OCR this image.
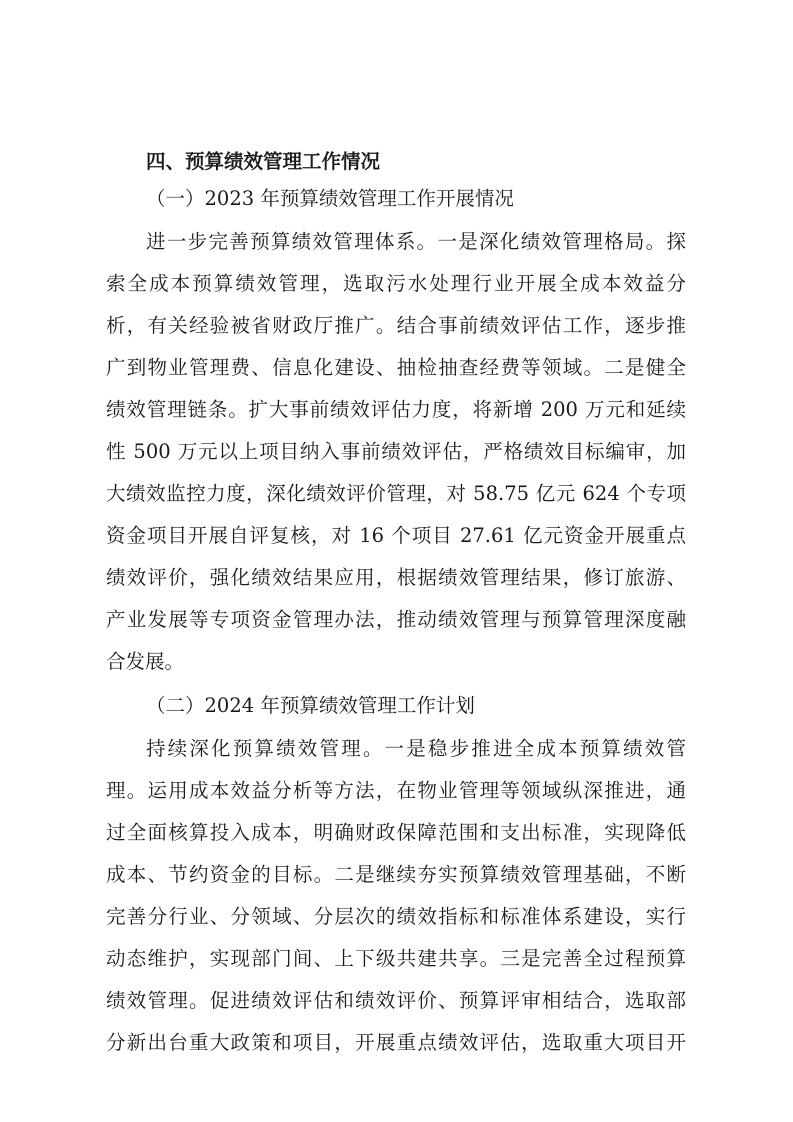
四、预算绩效管理工作情况
（一）2023 年预算绩效管理工作开展情况
进一步完善预算绩效管理体系。一是深化绩效管理格局。探
索全成本预算绩效管理，选取污水处理行业开展全成本效益分
析，有关经验被省财政厅推广。结合事前绩效评估工作，逐步推
广到物业管理费、信息化建设、抽检抽查经费等领域。二是健全
绩效管理链条。扩大事前绩效评估力度，将新增 200 万元和延续
性 500 万元以上项目纳入事前绩效评估，严格绩效目标编审，加
大绩效监控力度，深化绩效评价管理，对 58.75 亿元 624 个专项
资金项目开展自评复核，对 16 个项目 27.61 亿元资金开展重点
绩效评价，强化绩效结果应用，根据绩效管理结果，修订旅游、
产业发展等专项资金管理办法，推动绩效管理与预算管理深度融
合发展。
（二）2024 年预算绩效管理工作计划
持续深化预算绩效管理。一是稳步推进全成本预算绩效管
理。运用成本效益分析等方法，在物业管理等领域纵深推进，通
过全面核算投入成本，明确财政保障范围和支出标准，实现降低
成本、节约资金的目标。二是继续夯实预算绩效管理基础，不断
完善分行业、分领域、分层次的绩效指标和标准体系建设，实行
动态维护，实现部门间、上下级共建共享。三是完善全过程预算
绩效管理。促进绩效评估和绩效评价、预算评审相结合，选取部
分新出台重大政策和项目，开展重点绩效评估，选取重大项目开
